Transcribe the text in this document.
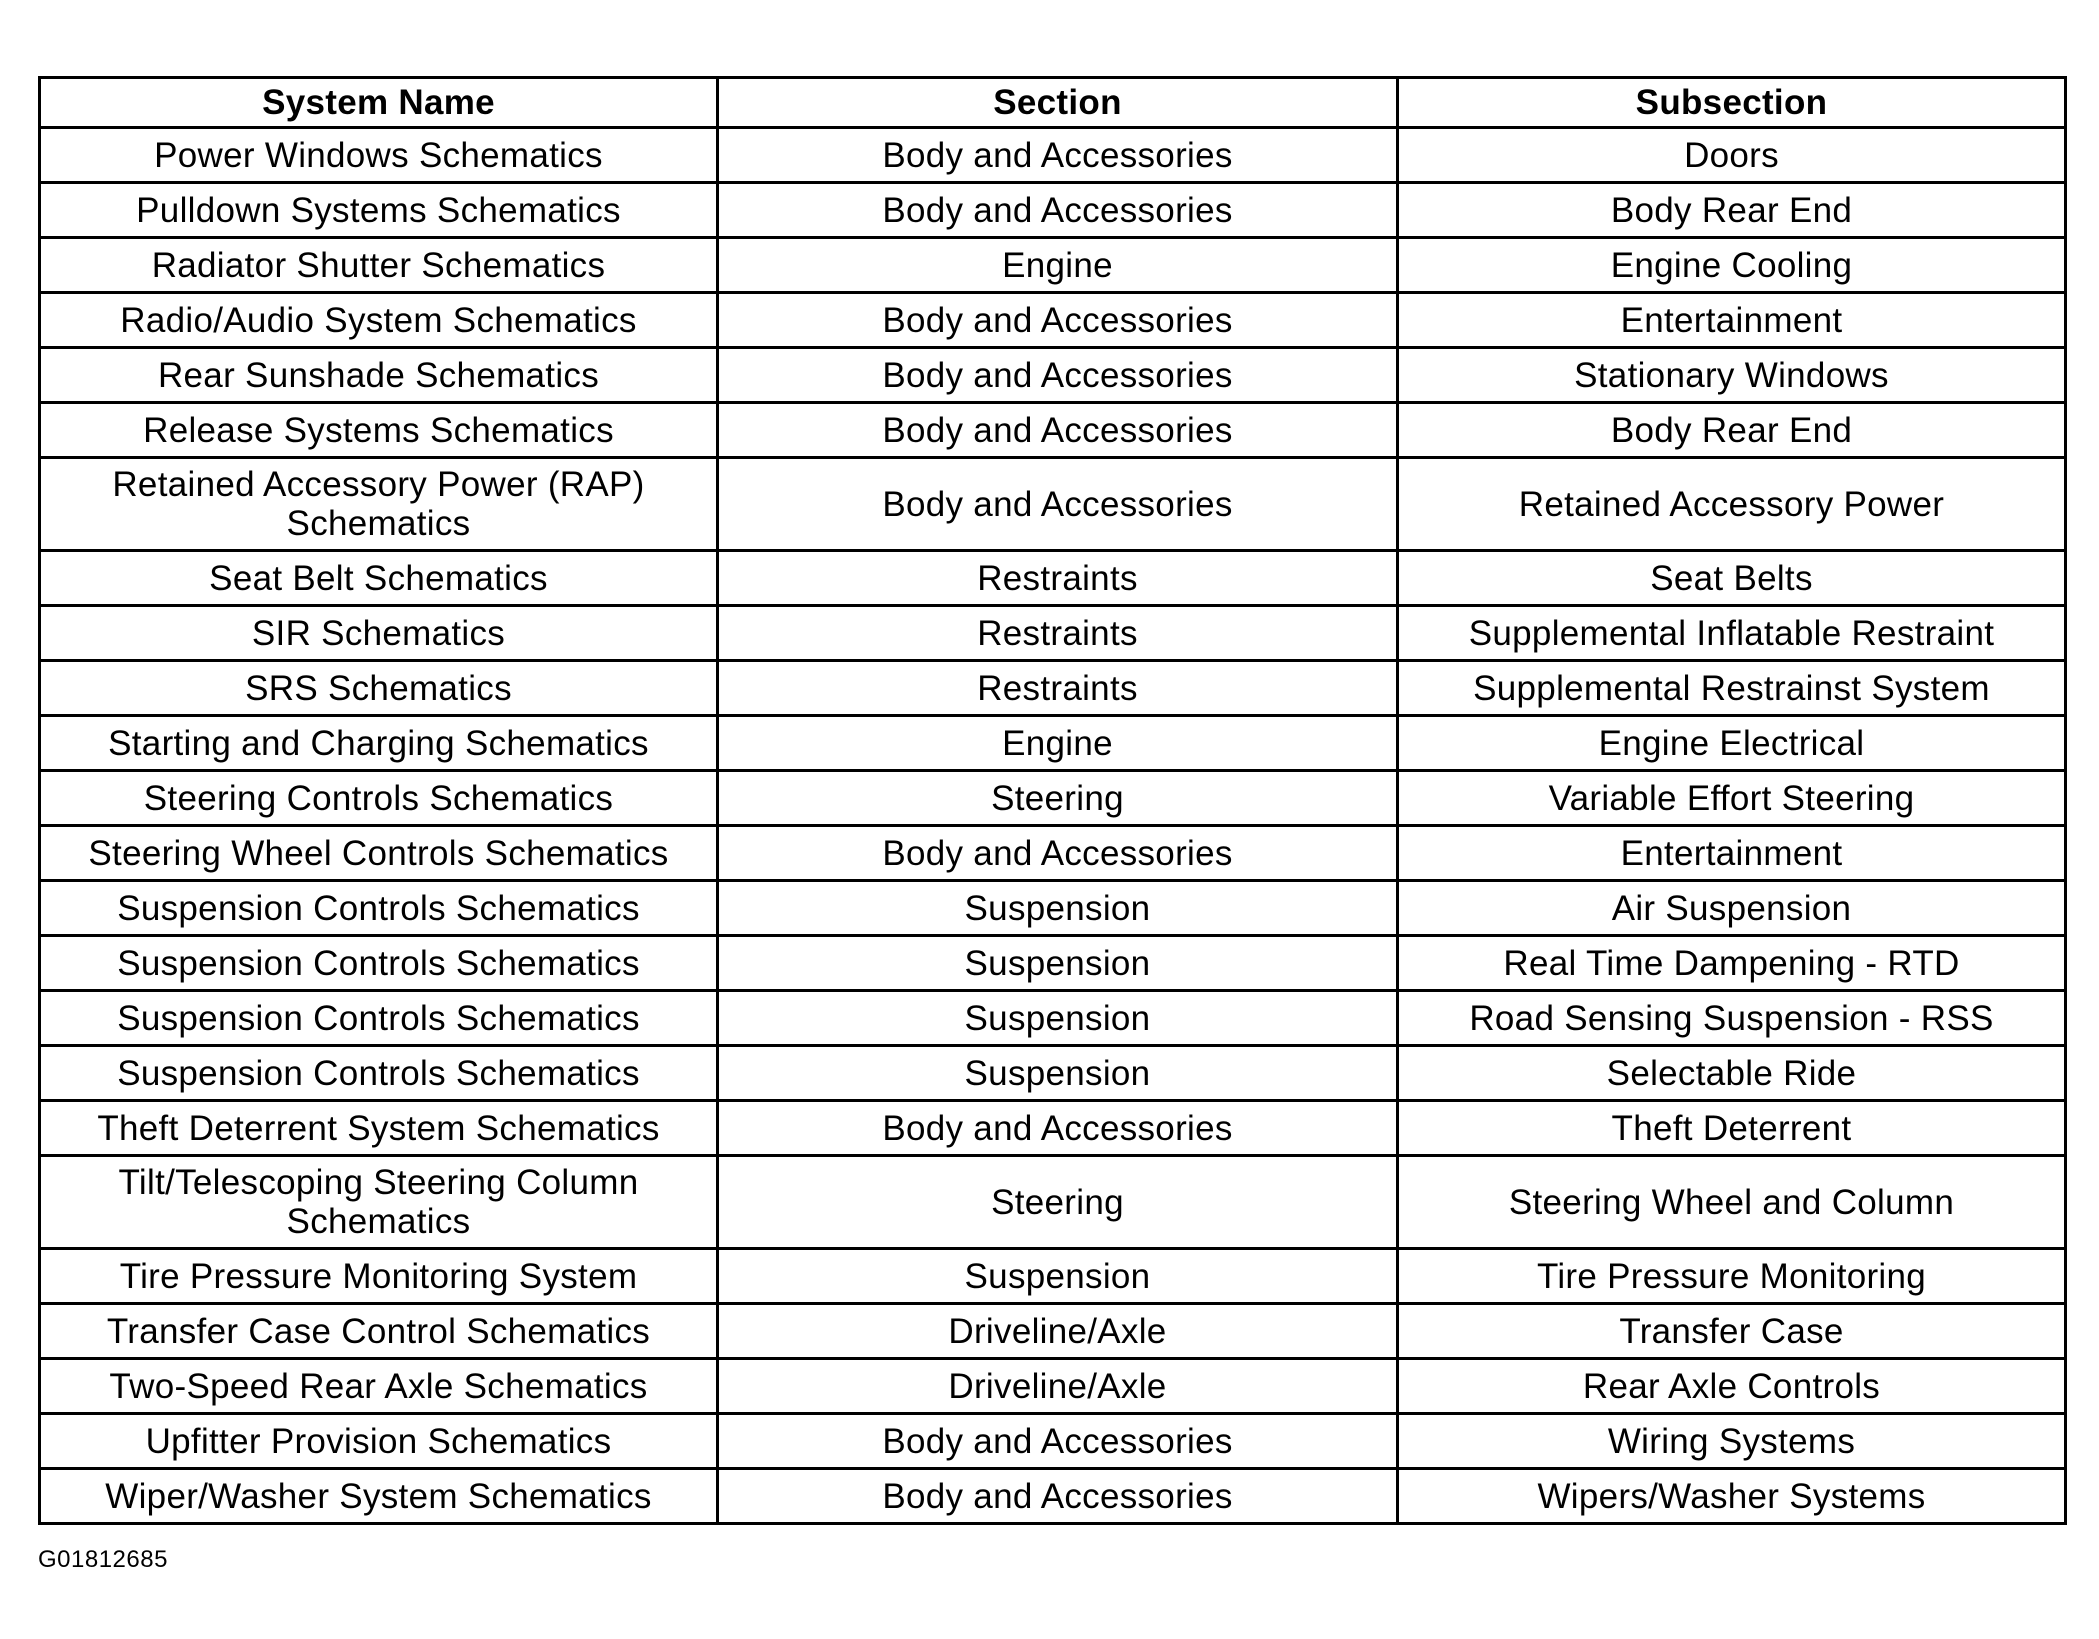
System Name	Section	Subsection
Power Windows Schematics	Body and Accessories	Doors
Pulldown Systems Schematics	Body and Accessories	Body Rear End
Radiator Shutter Schematics	Engine	Engine Cooling
Radio/Audio System Schematics	Body and Accessories	Entertainment
Rear Sunshade Schematics	Body and Accessories	Stationary Windows
Release Systems Schematics	Body and Accessories	Body Rear End
Retained Accessory Power (RAP) Schematics	Body and Accessories	Retained Accessory Power
Seat Belt Schematics	Restraints	Seat Belts
SIR Schematics	Restraints	Supplemental Inflatable Restraint
SRS Schematics	Restraints	Supplemental Restrainst System
Starting and Charging Schematics	Engine	Engine Electrical
Steering Controls Schematics	Steering	Variable Effort Steering
Steering Wheel Controls Schematics	Body and Accessories	Entertainment
Suspension Controls Schematics	Suspension	Air Suspension
Suspension Controls Schematics	Suspension	Real Time Dampening - RTD
Suspension Controls Schematics	Suspension	Road Sensing Suspension - RSS
Suspension Controls Schematics	Suspension	Selectable Ride
Theft Deterrent System Schematics	Body and Accessories	Theft Deterrent
Tilt/Telescoping Steering Column Schematics	Steering	Steering Wheel and Column
Tire Pressure Monitoring System	Suspension	Tire Pressure Monitoring
Transfer Case Control Schematics	Driveline/Axle	Transfer Case
Two-Speed Rear Axle Schematics	Driveline/Axle	Rear Axle Controls
Upfitter Provision Schematics	Body and Accessories	Wiring Systems
Wiper/Washer System Schematics	Body and Accessories	Wipers/Washer Systems
G01812685
